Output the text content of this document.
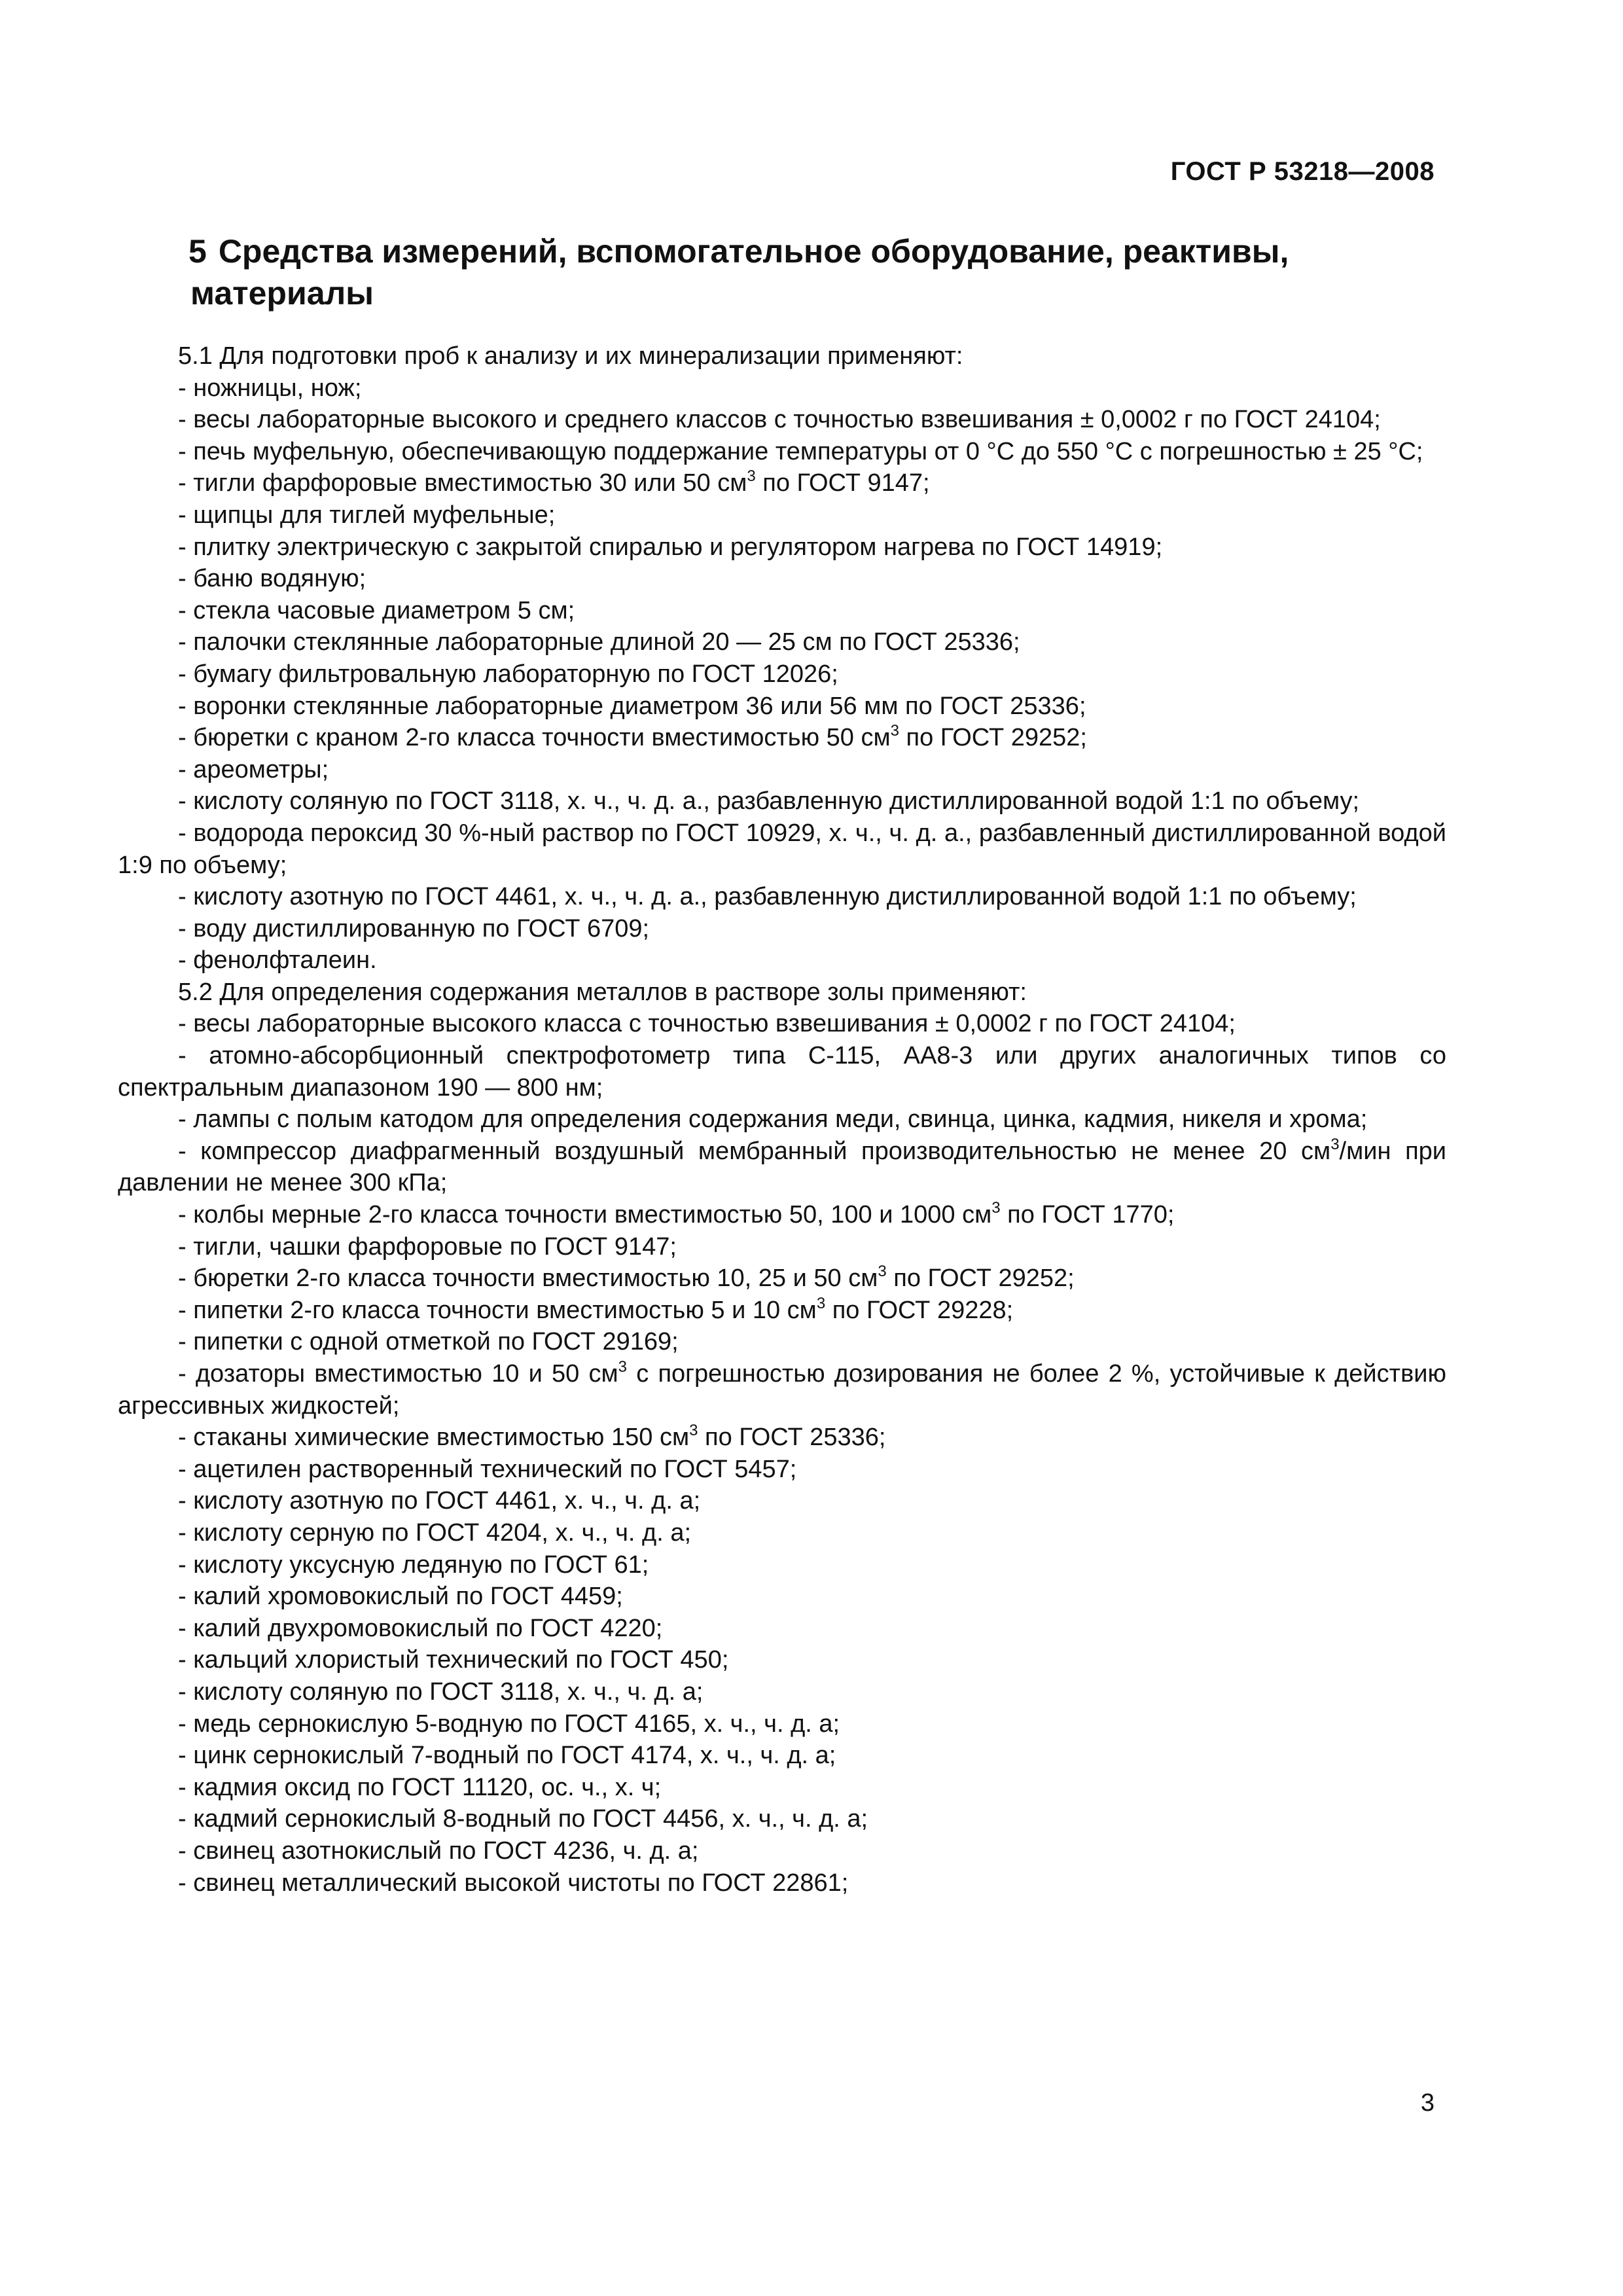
ГОСТ Р 53218—2008
5 Средства измерений, вспомогательное оборудование, реактивы,
материалы

5.1 Для подготовки проб к анализу и их минерализации применяют:

- ножницы, нож;

- весы лабораторные высокого и среднего классов с точностью взвешивания ± 0,0002 г по ГОСТ 24104;

- печь муфельную, обеспечивающую поддержание температуры от 0 °С до 550 °С с погрешностью ± 25 °С;

- тигли фарфоровые вместимостью 30 или 50 $см^3$ по ГОСТ 9147;

- щипцы для тиглей муфельные;

- плитку электрическую с закрытой спиралью и регулятором нагрева по ГОСТ 14919;

- баню водяную;

- стекла часовые диаметром 5 см;

- палочки стеклянные лабораторные длиной 20 — 25 см по ГОСТ 25336;

- бумагу фильтровальную лабораторную по ГОСТ 12026;

- воронки стеклянные лабораторные диаметром 36 или 56 мм по ГОСТ 25336;

- бюретки с краном 2-го класса точности вместимостью 50 $см^3$ по ГОСТ 29252;

- ареометры;

- кислоту соляную по ГОСТ 3118, х. ч., ч. д. а., разбавленную дистиллированной водой 1:1 по объему;

- водорода пероксид 30 %-ный раствор по ГОСТ 10929, х. ч., ч. д. а., разбавленный дистиллированной водой 1:9 по объему;

- кислоту азотную по ГОСТ 4461, х. ч., ч. д. а., разбавленную дистиллированной водой 1:1 по объему;

- воду дистиллированную по ГОСТ 6709;

- фенолфталеин.

5.2 Для определения содержания металлов в растворе золы применяют:

- весы лабораторные высокого класса с точностью взвешивания ± 0,0002 г по ГОСТ 24104;

- атомно-абсорбционный спектрофотометр типа С-115, АА8-3 или других аналогичных типов со спектральным диапазоном 190 — 800 нм;

- лампы с полым катодом для определения содержания меди, свинца, цинка, кадмия, никеля и хрома;

- компрессор диафрагменный воздушный мембранный производительностью не менее 20 $см^3$/мин при давлении не менее 300 кПа;

- колбы мерные 2-го класса точности вместимостью 50, 100 и 1000 $см^3$ по ГОСТ 1770;

- тигли, чашки фарфоровые по ГОСТ 9147;

- бюретки 2-го класса точности вместимостью 10, 25 и 50 $см^3$ по ГОСТ 29252;

- пипетки 2-го класса точности вместимостью 5 и 10 $см^3$ по ГОСТ 29228;

- пипетки с одной отметкой по ГОСТ 29169;

- дозаторы вместимостью 10 и 50 $см^3$ с погрешностью дозирования не более 2 %, устойчивые к действию агрессивных жидкостей;

- стаканы химические вместимостью 150 $см^3$ по ГОСТ 25336;

- ацетилен растворенный технический по ГОСТ 5457;

- кислоту азотную по ГОСТ 4461, х. ч., ч. д. а;

- кислоту серную по ГОСТ 4204, х. ч., ч. д. а;

- кислоту уксусную ледяную по ГОСТ 61;

- калий хромовокислый по ГОСТ 4459;

- калий двухромовокислый по ГОСТ 4220;

- кальций хлористый технический по ГОСТ 450;

- кислоту соляную по ГОСТ 3118, х. ч., ч. д. а;

- медь сернокислую 5-водную по ГОСТ 4165, х. ч., ч. д. а;

- цинк сернокислый 7-водный по ГОСТ 4174, х. ч., ч. д. а;

- кадмия оксид по ГОСТ 11120, ос. ч., х. ч;

- кадмий сернокислый 8-водный по ГОСТ 4456, х. ч., ч. д. а;

- свинец азотнокислый по ГОСТ 4236, ч. д. а;

- свинец металлический высокой чистоты по ГОСТ 22861;

3
